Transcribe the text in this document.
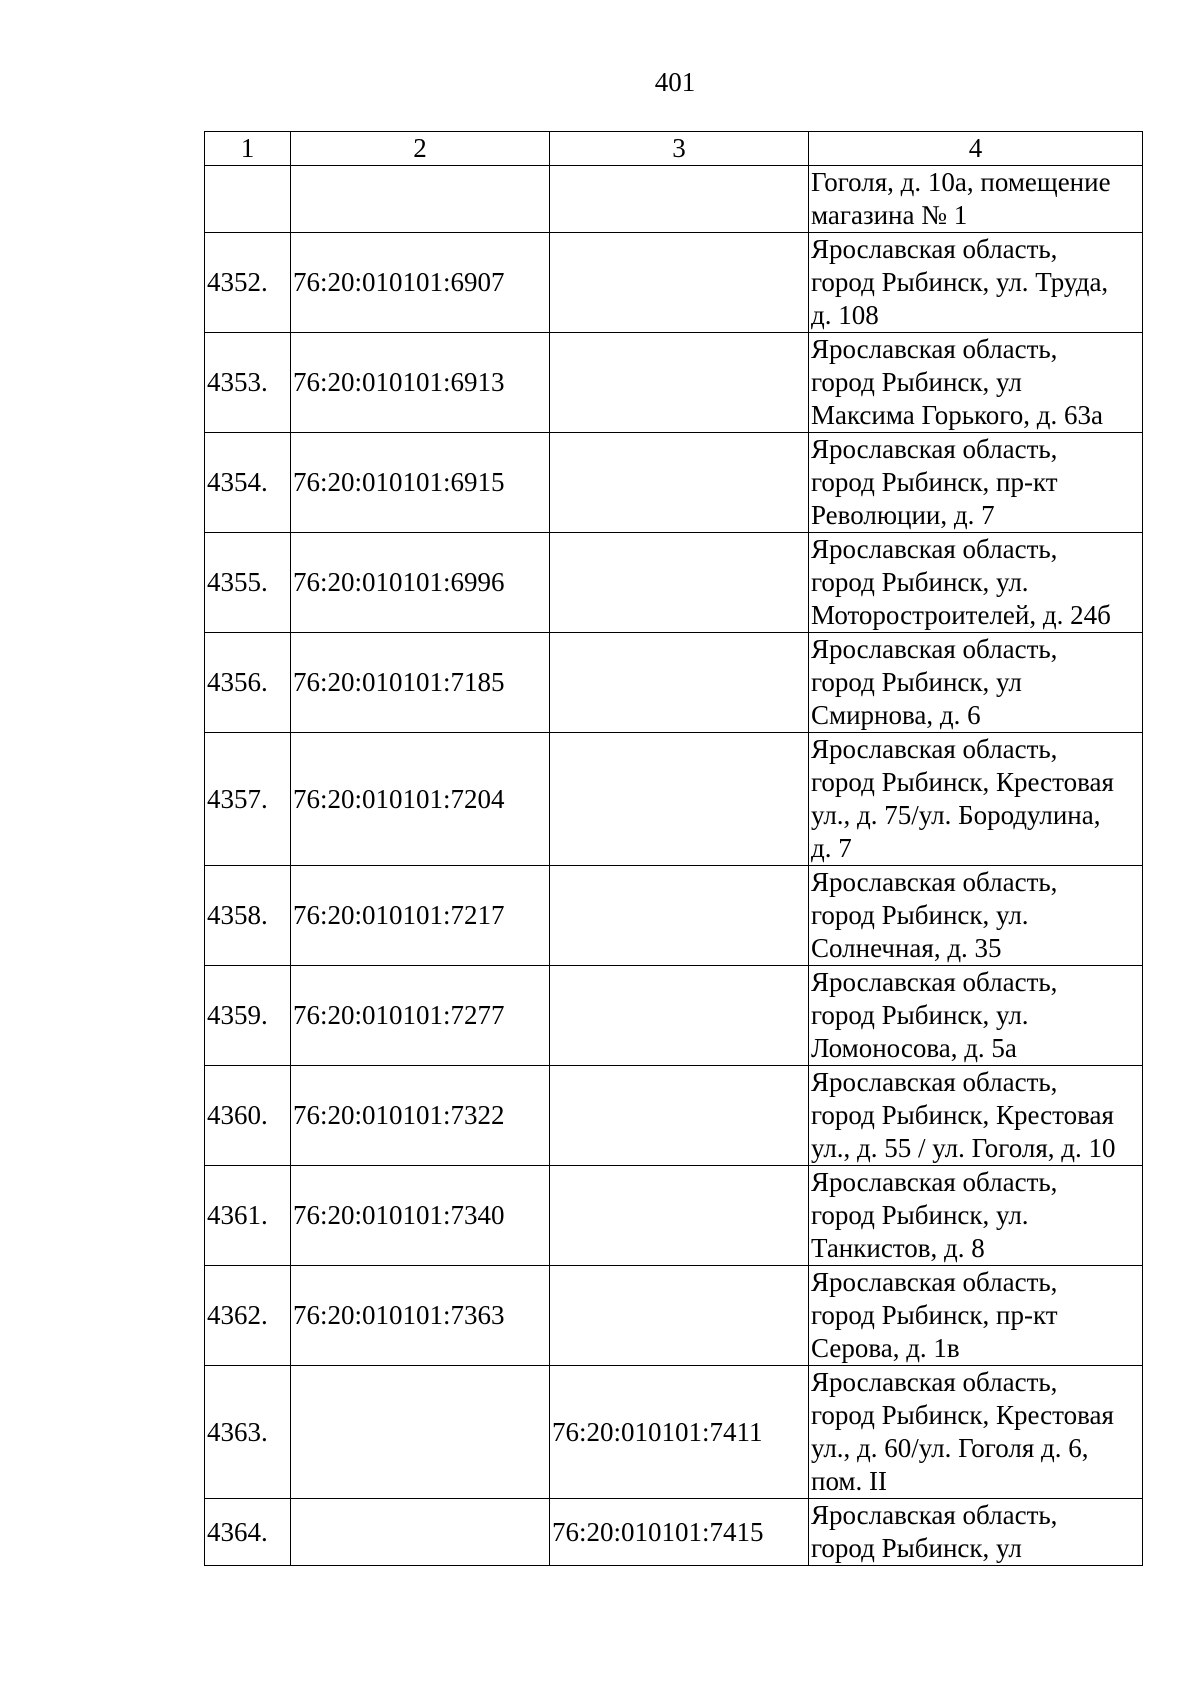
401
1	2	3	4

			Гоголя, д. 10а, помещение
магазина № 1

4352.	76:20:010101:6907		Ярославская область,
город Рыбинск, ул. Труда,
д. 108

4353.	76:20:010101:6913		Ярославская область,
город Рыбинск, ул
Максима Горького, д. 63а

4354.	76:20:010101:6915		Ярославская область,
город Рыбинск, пр-кт
Революции, д. 7

4355.	76:20:010101:6996		Ярославская область,
город Рыбинск, ул.
Моторостроителей, д. 24б

4356.	76:20:010101:7185		Ярославская область,
город Рыбинск, ул
Смирнова, д. 6

4357.	76:20:010101:7204		Ярославская область,
город Рыбинск, Крестовая
ул., д. 75/ул. Бородулина,
д. 7

4358.	76:20:010101:7217		Ярославская область,
город Рыбинск, ул.
Солнечная, д. 35

4359.	76:20:010101:7277		Ярославская область,
город Рыбинск, ул.
Ломоносова, д. 5а

4360.	76:20:010101:7322		Ярославская область,
город Рыбинск, Крестовая
ул., д. 55 / ул. Гоголя, д. 10

4361.	76:20:010101:7340		Ярославская область,
город Рыбинск, ул.
Танкистов, д. 8

4362.	76:20:010101:7363		Ярославская область,
город Рыбинск, пр-кт
Серова, д. 1в

4363.		76:20:010101:7411	Ярославская область,
город Рыбинск, Крестовая
ул., д. 60/ул. Гоголя д. 6,
пом. II

4364.		76:20:010101:7415	Ярославская область,
город Рыбинск, ул
